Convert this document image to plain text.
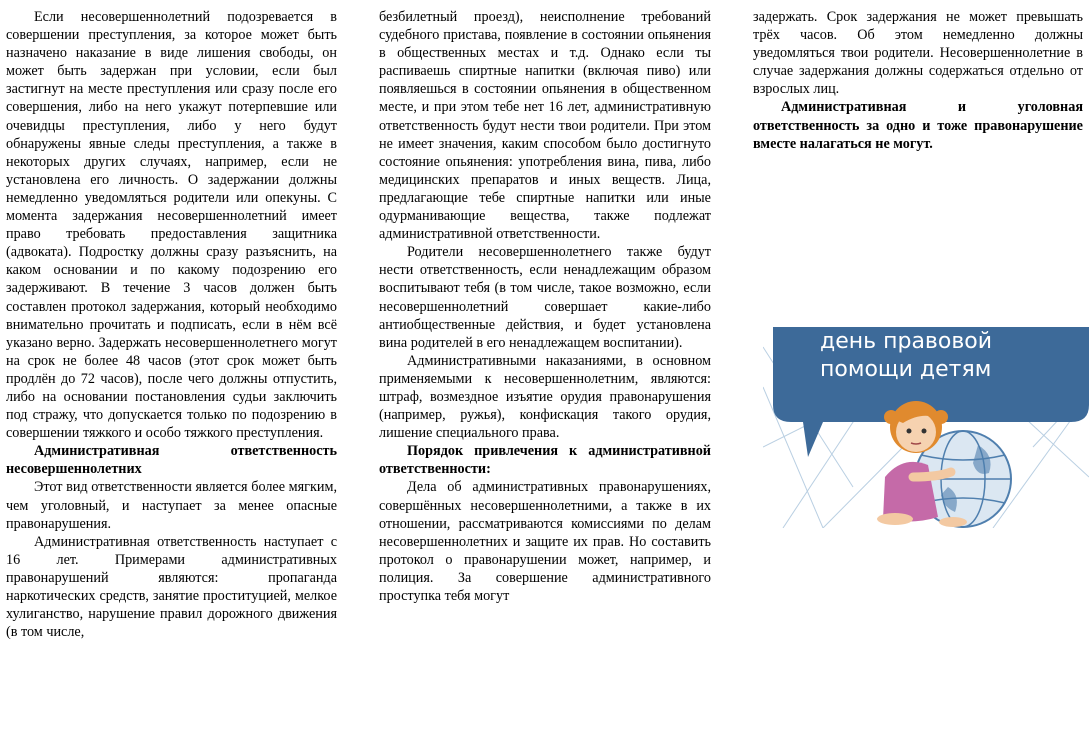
Если несовершеннолетний подозревается в совершении преступления, за которое может быть назначено наказание в виде лишения свободы, он может быть задержан при условии, если был застигнут на месте преступления или сразу после его совершения, либо на него укажут потерпевшие или очевидцы преступления, либо у него будут обнаружены явные следы преступления, а также в некоторых других случаях, например, если не установлена его личность. О задержании должны немедленно уведомляться родители или опекуны. С момента задержания несовершеннолетний имеет право требовать предоставления защитника (адвоката). Подростку должны сразу разъяснить, на каком основании и по какому подозрению его задерживают. В течение 3 часов должен быть составлен протокол задержания, который необходимо внимательно прочитать и подписать, если в нём всё указано верно. Задержать несовершеннолетнего могут на срок не более 48 часов (этот срок может быть продлён до 72 часов), после чего должны отпустить, либо на основании постановления судьи заключить под стражу, что допускается только по подозрению в совершении тяжкого и особо тяжкого преступления.

Административная ответственность несовершеннолетних

Этот вид ответственности является более мягким, чем уголовный, и наступает за менее опасные правонарушения.

Административная ответственность наступает с 16 лет. Примерами административных правонарушений являются: пропаганда наркотических средств, занятие проституцией, мелкое хулиганство, нарушение правил дорожного движения (в том числе,

безбилетный проезд), неисполнение требований судебного пристава, появление в состоянии опьянения в общественных местах и т.д. Однако если ты распиваешь спиртные напитки (включая пиво) или появляешься в состоянии опьянения в общественном месте, и при этом тебе нет 16 лет, административную ответственность будут нести твои родители. При этом не имеет значения, каким способом было достигнуто состояние опьянения: употребления вина, пива, либо медицинских препаратов и иных веществ. Лица, предлагающие тебе спиртные напитки или иные одурманивающие вещества, также подлежат административной ответственности.

Родители несовершеннолетнего также будут нести ответственность, если ненадлежащим образом воспитывают тебя (в том числе, такое возможно, если несовершеннолетний совершает какие-либо антиобщественные действия, и будет установлена вина родителей в его ненадлежащем воспитании).

Административными наказаниями, в основном применяемыми к несовершеннолетним, являются: штраф, возмездное изъятие орудия правонарушения (например, ружья), конфискация такого орудия, лишение специального права.

Порядок привлечения к административной ответственности:

Дела об административных правонарушениях, совершённых несовершеннолетними, а также в их отношении, рассматриваются комиссиями по делам несовершеннолетних и защите их прав. Но составить протокол о правонарушении может, например, и полиция. За совершение административного проступка тебя могут

задержать. Срок задержания не может превышать трёх часов. Об этом немедленно должны уведомляться твои родители. Несовершеннолетние в случае задержания должны содержаться отдельно от взрослых лиц.

Административная и уголовная ответственность за одно и тоже правонарушение вместе налагаться не могут.

день правовой
помощи детям
